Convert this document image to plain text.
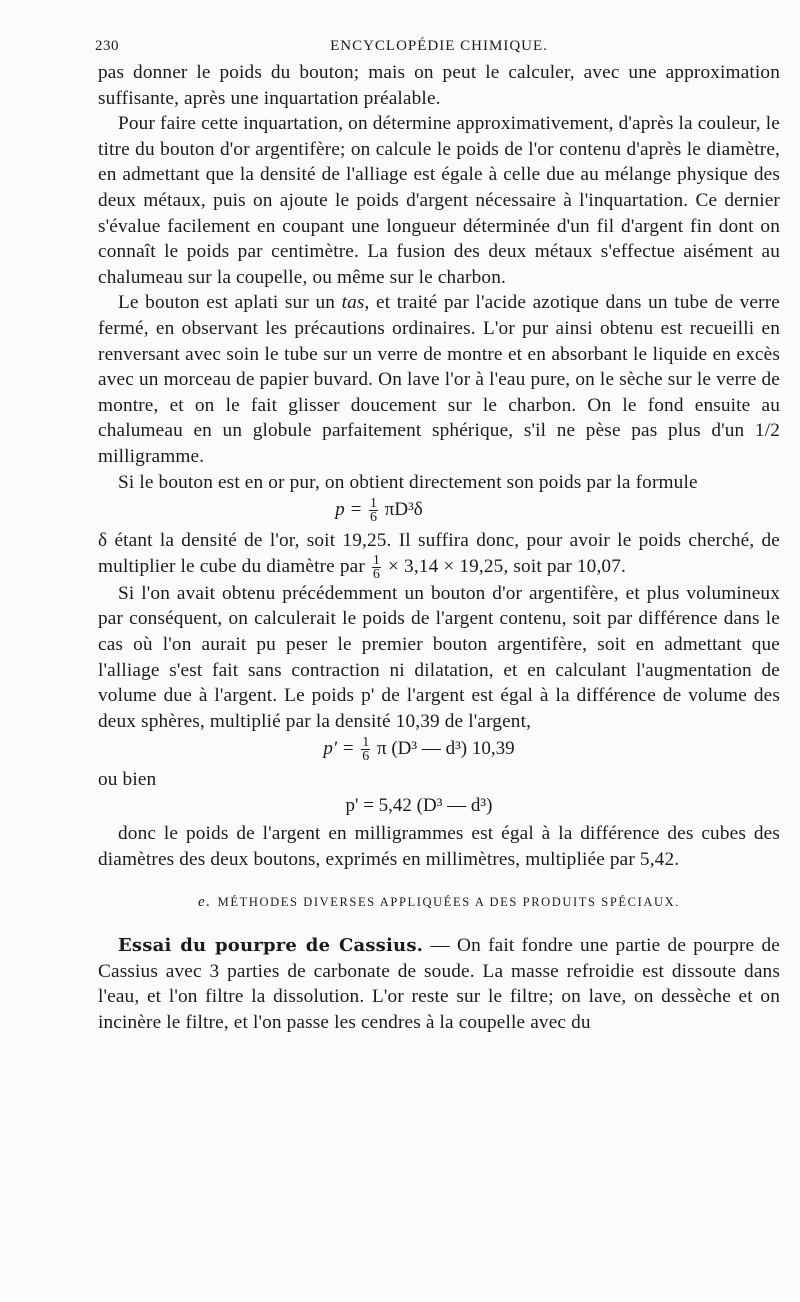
230	ENCYCLOPÉDIE CHIMIQUE.

pas donner le poids du bouton; mais on peut le calculer, avec une approximation suffisante, après une inquartation préalable.

Pour faire cette inquartation, on détermine approximativement, d'après la couleur, le titre du bouton d'or argentifère; on calcule le poids de l'or contenu d'après le diamètre, en admettant que la densité de l'alliage est égale à celle due au mélange physique des deux métaux, puis on ajoute le poids d'argent nécessaire à l'inquartation. Ce dernier s'évalue facilement en coupant une longueur déterminée d'un fil d'argent fin dont on connaît le poids par centimètre. La fusion des deux métaux s'effectue aisément au chalumeau sur la coupelle, ou même sur le charbon.

Le bouton est aplati sur un tas, et traité par l'acide azotique dans un tube de verre fermé, en observant les précautions ordinaires. L'or pur ainsi obtenu est recueilli en renversant avec soin le tube sur un verre de montre et en absorbant le liquide en excès avec un morceau de papier buvard. On lave l'or à l'eau pure, on le sèche sur le verre de montre, et on le fait glisser doucement sur le charbon. On le fond ensuite au chalumeau en un globule parfaitement sphérique, s'il ne pèse pas plus d'un 1/2 milligramme.

Si le bouton est en or pur, on obtient directement son poids par la formule

$p = \frac{1}{6} \pi D^3\delta$

δ étant la densité de l'or, soit 19,25. Il suffira donc, pour avoir le poids cherché, de multiplier le cube du diamètre par $\frac{1}{6} \times 3,14 \times 19,25$, soit par 10,07.

Si l'on avait obtenu précédemment un bouton d'or argentifère, et plus volumineux par conséquent, on calculerait le poids de l'argent contenu, soit par différence dans le cas où l'on aurait pu peser le premier bouton argentifère, soit en admettant que l'alliage s'est fait sans contraction ni dilatation, et en calculant l'augmentation de volume due à l'argent. Le poids p' de l'argent est égal à la différence de volume des deux sphères, multiplié par la densité 10,39 de l'argent,

$p' = \frac{1}{6}$ π (D³ — d³) 10,39

ou bien

p' = 5,42 (D³ — d³)

donc le poids de l'argent en milligrammes est égal à la différence des cubes des diamètres des deux boutons, exprimés en millimètres, multipliée par 5,42.

e. MÉTHODES DIVERSES APPLIQUÉES A DES PRODUITS SPÉCIAUX.

Essai du pourpre de Cassius. — On fait fondre une partie de pourpre de Cassius avec 3 parties de carbonate de soude. La masse refroidie est dissoute dans l'eau, et l'on filtre la dissolution. L'or reste sur le filtre; on lave, on dessèche et on incinère le filtre, et l'on passe les cendres à la coupelle avec du
